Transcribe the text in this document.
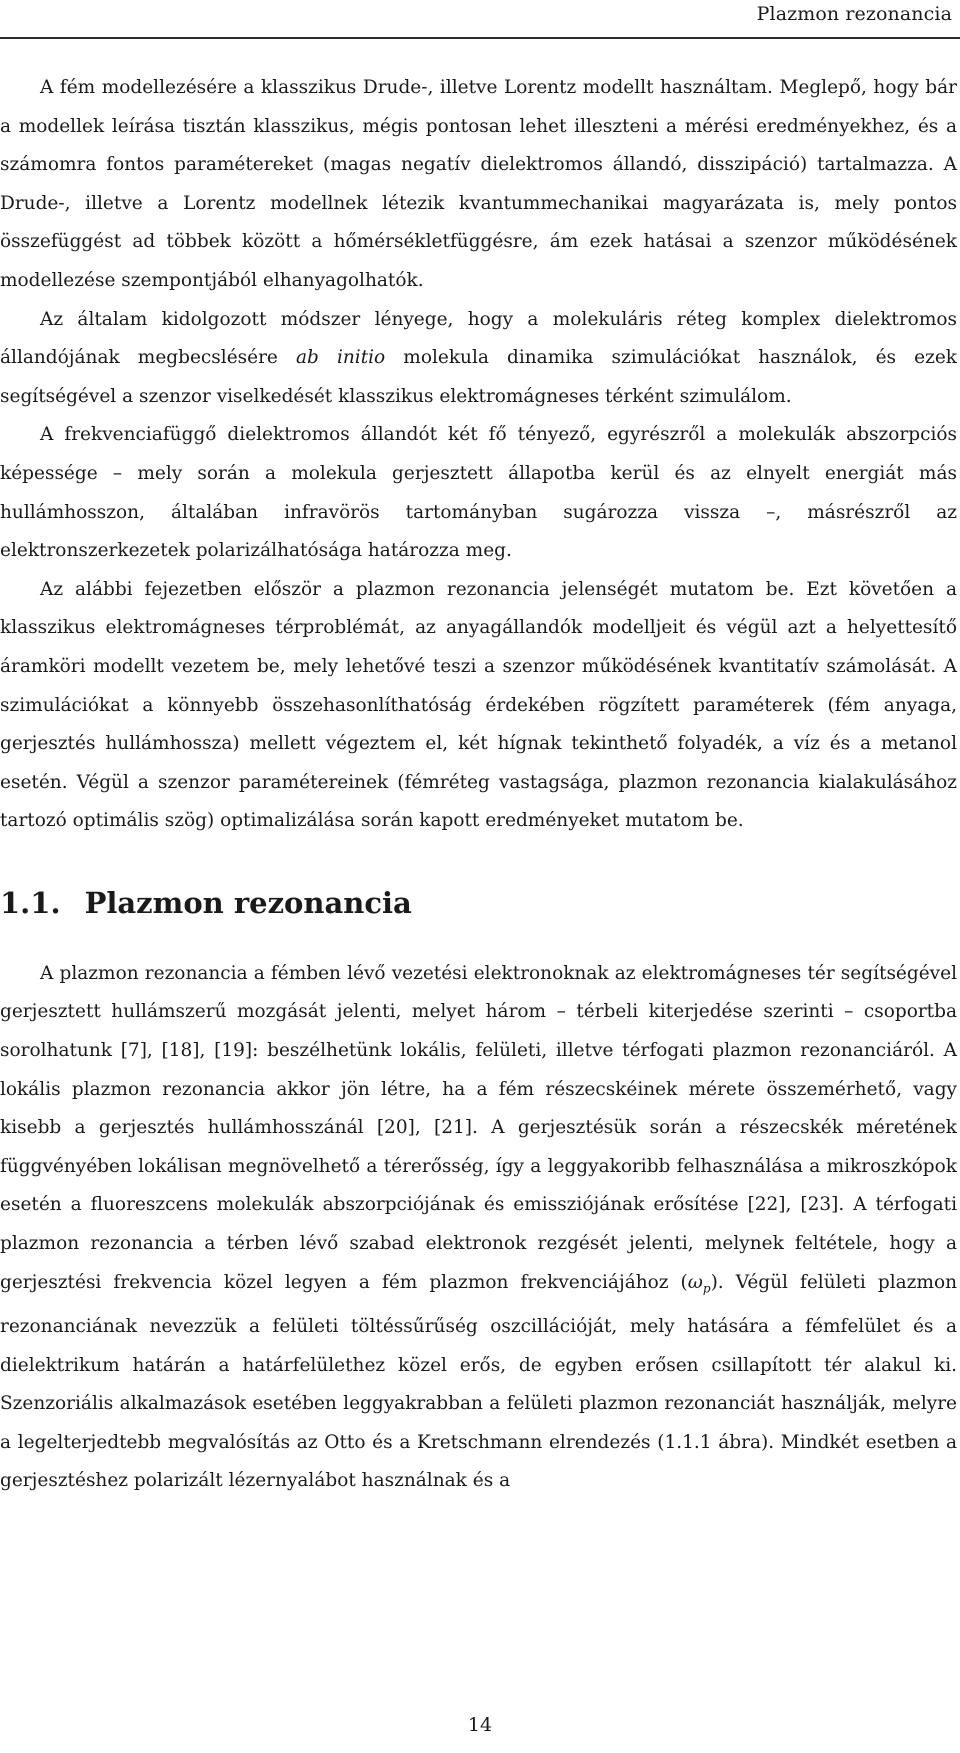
Plazmon rezonancia

A fém modellezésére a klasszikus Drude-, illetve Lorentz modellt használtam. Meglepő, hogy bár a modellek leírása tisztán klasszikus, mégis pontosan lehet illeszteni a mérési eredményekhez, és a számomra fontos paramétereket (magas negatív dielektromos állandó, disszipáció) tartalmazza. A Drude-, illetve a Lorentz modellnek létezik kvantummechanikai magyarázata is, mely pontos összefüggést ad többek között a hőmérsékletfüggésre, ám ezek hatásai a szenzor működésének modellezése szempontjából elhanyagolhatók.

Az általam kidolgozott módszer lényege, hogy a molekuláris réteg komplex dielektromos állandójának megbecslésére ab initio molekula dinamika szimulációkat használok, és ezek segítségével a szenzor viselkedését klasszikus elektromágneses térként szimulálom.

A frekvenciafüggő dielektromos állandót két fő tényező, egyrészről a molekulák abszorpciós képessége – mely során a molekula gerjesztett állapotba kerül és az elnyelt energiát más hullámhosszon, általában infravörös tartományban sugározza vissza –, másrészről az elektronszerkezetek polarizálhatósága határozza meg.

Az alábbi fejezetben először a plazmon rezonancia jelenségét mutatom be. Ezt követően a klasszikus elektromágneses térproblémát, az anyagállandók modelljeit és végül azt a helyettesítő áramköri modellt vezetem be, mely lehetővé teszi a szenzor működésének kvantitatív számolását. A szimulációkat a könnyebb összehasonlíthatóság érdekében rögzített paraméterek (fém anyaga, gerjesztés hullámhossza) mellett végeztem el, két hígnak tekinthető folyadék, a víz és a metanol esetén. Végül a szenzor paramétereinek (fémréteg vastagsága, plazmon rezonancia kialakulásához tartozó optimális szög) optimalizálása során kapott eredményeket mutatom be.

1.1. Plazmon rezonancia

A plazmon rezonancia a fémben lévő vezetési elektronoknak az elektromágneses tér segítségével gerjesztett hullámszerű mozgását jelenti, melyet három – térbeli kiterjedése szerinti – csoportba sorolhatunk [7], [18], [19]: beszélhetünk lokális, felületi, illetve térfogati plazmon rezonanciáról. A lokális plazmon rezonancia akkor jön létre, ha a fém részecskéinek mérete összemérhető, vagy kisebb a gerjesztés hullámhosszánál [20], [21]. A gerjesztésük során a részecskék méretének függvényében lokálisan megnövelhető a térerősség, így a leggyakoribb felhasználása a mikroszkópok esetén a fluoreszcens molekulák abszorpciójának és emissziójának erősítése [22], [23]. A térfogati plazmon rezonancia a térben lévő szabad elektronok rezgését jelenti, melynek feltétele, hogy a gerjesztési frekvencia közel legyen a fém plazmon frekvenciájához $(\omega_p)$. Végül felületi plazmon rezonanciának nevezzük a felületi töltéssűrűség oszcillációját, mely hatására a fémfelület és a dielektrikum határán a határfelülethez közel erős, de egyben erősen csillapított tér alakul ki. Szenzoriális alkalmazások esetében leggyakrabban a felületi plazmon rezonanciát használják, melyre a legelterjedtebb megvalósítás az Otto és a Kretschmann elrendezés (1.1.1 ábra). Mindkét esetben a gerjesztéshez polarizált lézernyalábot használnak és a

14
